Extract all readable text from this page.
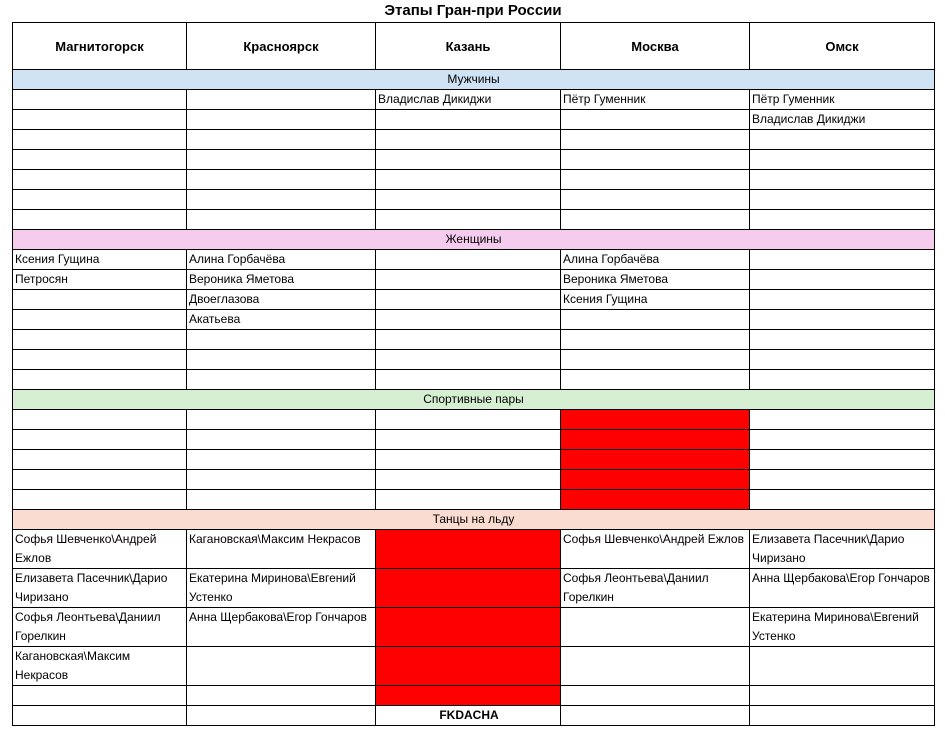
Этапы Гран-при России
Магнитогорск	Красноярск	Казань	Москва	Омск
Мужчины				
		Владислав Дикиджи	Пётр Гуменник	Пётр Гуменник
				Владислав Дикиджи

Женщины				
Ксения Гущина	Алина Горбачёва		Алина Горбачёва	
Петросян	Вероника Яметова		Вероника Яметова	
	Двоеглазова		Ксения Гущина	
	Акатьева			

Спортивные пары				

Танцы на льду				
Софья Шевченко\Андрей Ежлов	Кагановская\Максим Некрасов		Софья Шевченко\Андрей Ежлов	Елизавета Пасечник\Дарио Чиризано
Елизавета Пасечник\Дарио Чиризано	Екатерина Миринова\Евгений Устенко		Софья Леонтьева\Даниил Горелкин	Анна Щербакова\Егор Гончаров
Софья Леонтьева\Даниил Горелкин	Анна Щербакова\Егор Гончаров			Екатерина Миринова\Евгений Устенко
Кагановская\Максим Некрасов				

		FKDACHA		
